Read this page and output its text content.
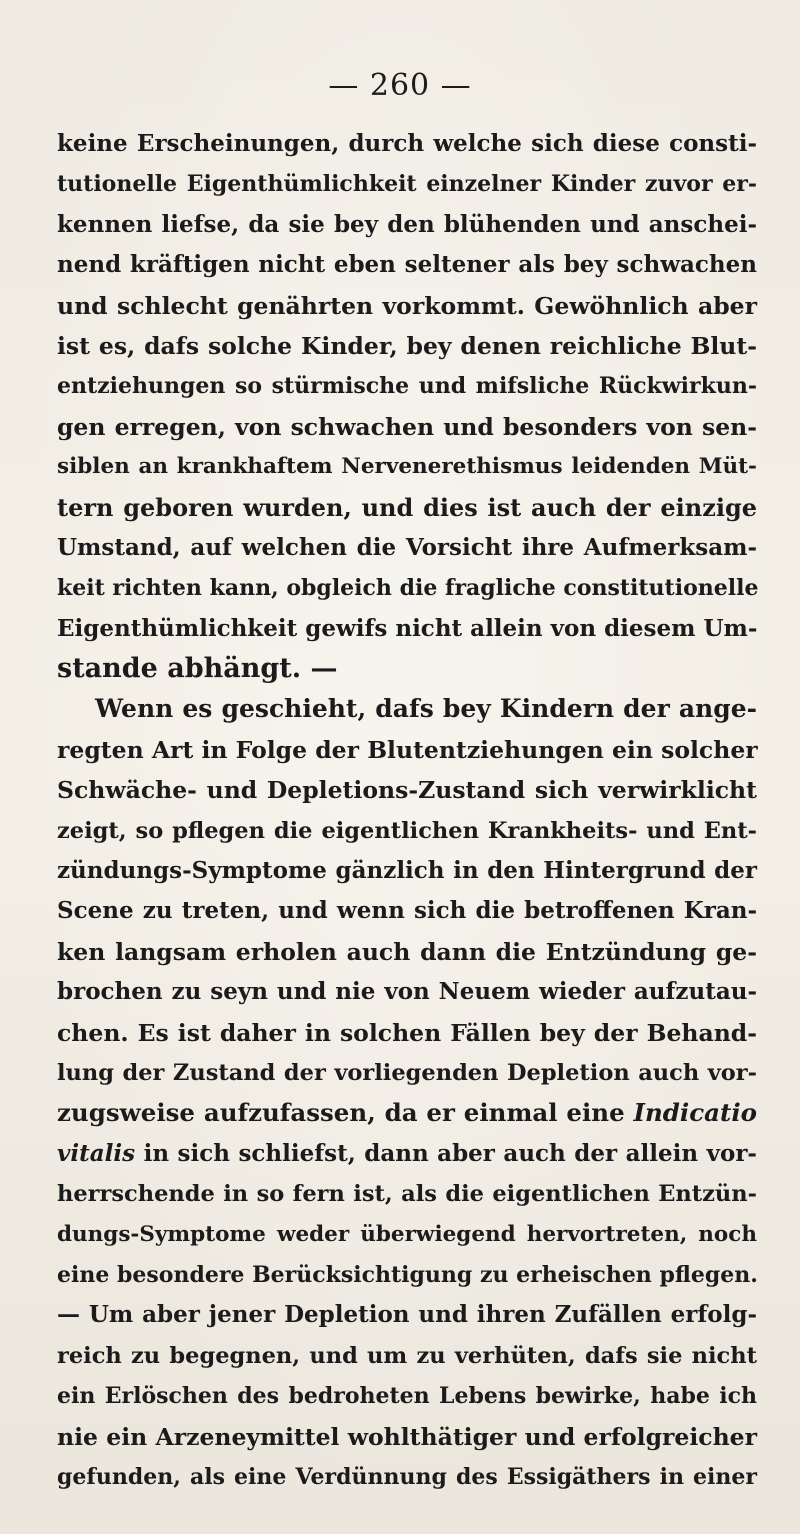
— 260 —
keine Erscheinungen, durch welche sich diese consti-
tutionelle Eigenthümlichkeit einzelner Kinder zuvor er-
kennen liefse, da sie bey den blühenden und anschei-
nend kräftigen nicht eben seltener als bey schwachen
und schlecht genährten vorkommt. Gewöhnlich aber
ist es, dafs solche Kinder, bey denen reichliche Blut-
entziehungen so stürmische und mifsliche Rückwirkun-
gen erregen, von schwachen und besonders von sen-
siblen an krankhaftem Nervenerethismus leidenden Müt-
tern geboren wurden, und dies ist auch der einzige
Umstand, auf welchen die Vorsicht ihre Aufmerksam-
keit richten kann, obgleich die fragliche constitutionelle
Eigenthümlichkeit gewifs nicht allein von diesem Um-
stande abhängt. —
Wenn es geschieht, dafs bey Kindern der ange-
regten Art in Folge der Blutentziehungen ein solcher
Schwäche- und Depletions-Zustand sich verwirklicht
zeigt, so pflegen die eigentlichen Krankheits- und Ent-
zündungs-Symptome gänzlich in den Hintergrund der
Scene zu treten, und wenn sich die betroffenen Kran-
ken langsam erholen auch dann die Entzündung ge-
brochen zu seyn und nie von Neuem wieder aufzutau-
chen. Es ist daher in solchen Fällen bey der Behand-
lung der Zustand der vorliegenden Depletion auch vor-
zugsweise aufzufassen, da er einmal eine Indicatio
vitalis in sich schliefst, dann aber auch der allein vor-
herrschende in so fern ist, als die eigentlichen Entzün-
dungs-Symptome weder überwiegend hervortreten, noch
eine besondere Berücksichtigung zu erheischen pflegen.
— Um aber jener Depletion und ihren Zufällen erfolg-
reich zu begegnen, und um zu verhüten, dafs sie nicht
ein Erlöschen des bedroheten Lebens bewirke, habe ich
nie ein Arzeneymittel wohlthätiger und erfolgreicher
gefunden, als eine Verdünnung des Essigäthers in einer
